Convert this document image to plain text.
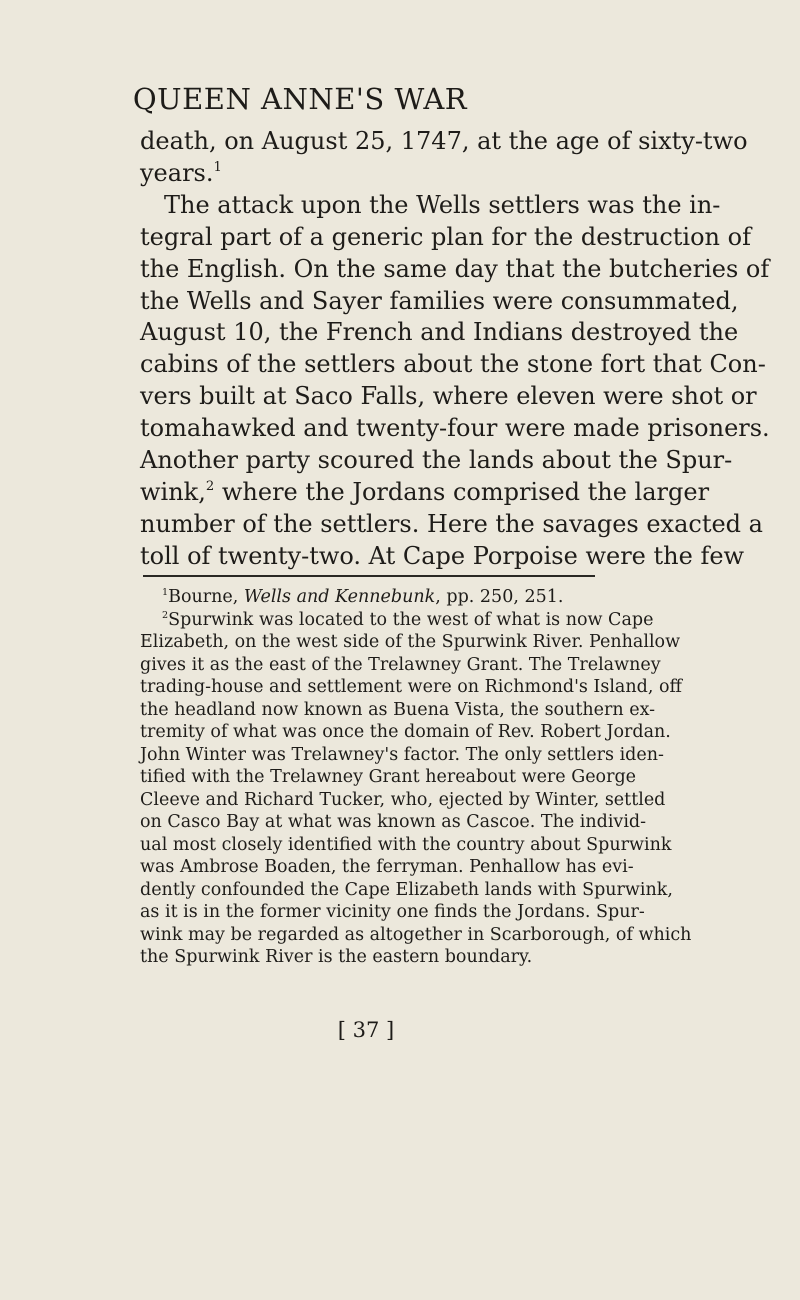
QUEEN ANNE'S WAR

death, on August 25, 1747, at the age of sixty-two

years.$^1$

The attack upon the Wells settlers was the in-

tegral part of a generic plan for the destruction of

the English. On the same day that the butcheries of

the Wells and Sayer families were consummated,

August 10, the French and Indians destroyed the

cabins of the settlers about the stone fort that Con-

vers built at Saco Falls, where eleven were shot or

tomahawked and twenty-four were made prisoners.

Another party scoured the lands about the Spur-

wink,$^2$ where the Jordans comprised the larger

number of the settlers. Here the savages exacted a

toll of twenty-two. At Cape Porpoise were the few

$^1$Bourne, Wells and Kennebunk, pp. 250, 251.
$^2$Spurwink was located to the west of what is now Cape
Elizabeth, on the west side of the Spurwink River. Penhallow
gives it as the east of the Trelawney Grant. The Trelawney
trading-house and settlement were on Richmond's Island, off
the headland now known as Buena Vista, the southern ex-
tremity of what was once the domain of Rev. Robert Jordan.
John Winter was Trelawney's factor. The only settlers iden-
tified with the Trelawney Grant hereabout were George
Cleeve and Richard Tucker, who, ejected by Winter, settled
on Casco Bay at what was known as Cascoe. The individ-
ual most closely identified with the country about Spurwink
was Ambrose Boaden, the ferryman. Penhallow has evi-
dently confounded the Cape Elizabeth lands with Spurwink,
as it is in the former vicinity one finds the Jordans. Spur-
wink may be regarded as altogether in Scarborough, of which
the Spurwink River is the eastern boundary.
[ 37 ]
